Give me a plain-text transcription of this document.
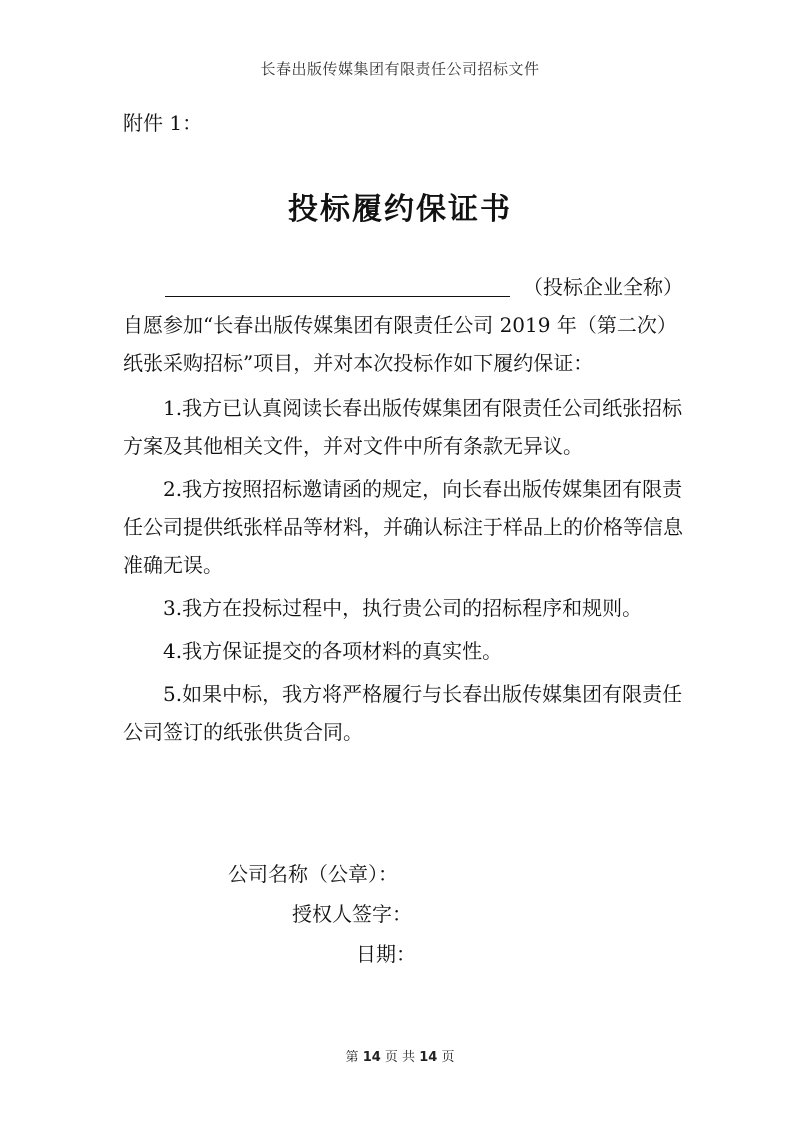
长春出版传媒集团有限责任公司招标文件
附件 1：
投标履约保证书
（投标企业全称）
自愿参加“长春出版传媒集团有限责任公司 2019 年（第二次）纸张采购招标”项目，并对本次投标作如下履约保证：

1.我方已认真阅读长春出版传媒集团有限责任公司纸张招标方案及其他相关文件，并对文件中所有条款无异议。

2.我方按照招标邀请函的规定，向长春出版传媒集团有限责任公司提供纸张样品等材料，并确认标注于样品上的价格等信息准确无误。

3.我方在投标过程中，执行贵公司的招标程序和规则。

4.我方保证提交的各项材料的真实性。

5.如果中标，我方将严格履行与长春出版传媒集团有限责任公司签订的纸张供货合同。

公司名称（公章）：
授权人签字：
日期：
第 14 页 共 14 页
